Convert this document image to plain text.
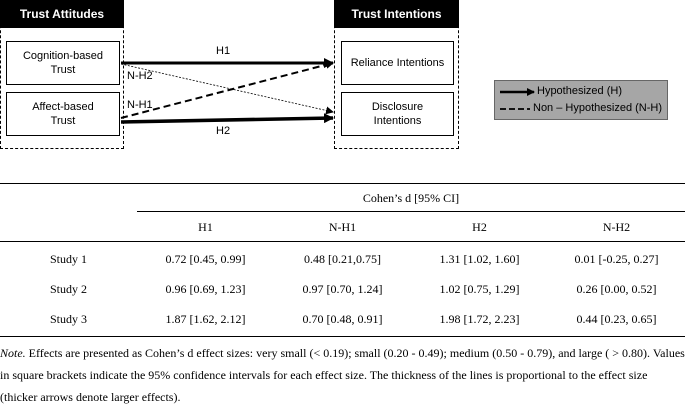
Trust Attitudes
Cognition-based Trust
Affect-based Trust
Trust Intentions
Reliance Intentions
Disclosure Intentions
H1
N-H2
N-H1
H2
Hypothesized (H)
Non – Hypothesized (N-H)
Cohen’s d [95% CI]
H1	N-H1	H2	N-H2
Study 1	0.72 [0.45, 0.99]	0.48 [0.21,0.75]	1.31 [1.02, 1.60]	0.01 [-0.25, 0.27]
Study 2	0.96 [0.69, 1.23]	0.97 [0.70, 1.24]	1.02 [0.75, 1.29]	0.26 [0.00, 0.52]
Study 3	1.87 [1.62, 2.12]	0.70 [0.48, 0.91]	1.98 [1.72, 2.23]	0.44 [0.23, 0.65]
Note. Effects are presented as Cohen’s d effect sizes: very small (< 0.19); small (0.20 - 0.49); medium (0.50 - 0.79), and large ( > 0.80). Values in square brackets indicate the 95% confidence intervals for each effect size. The thickness of the lines is proportional to the effect size (thicker arrows denote larger effects).
